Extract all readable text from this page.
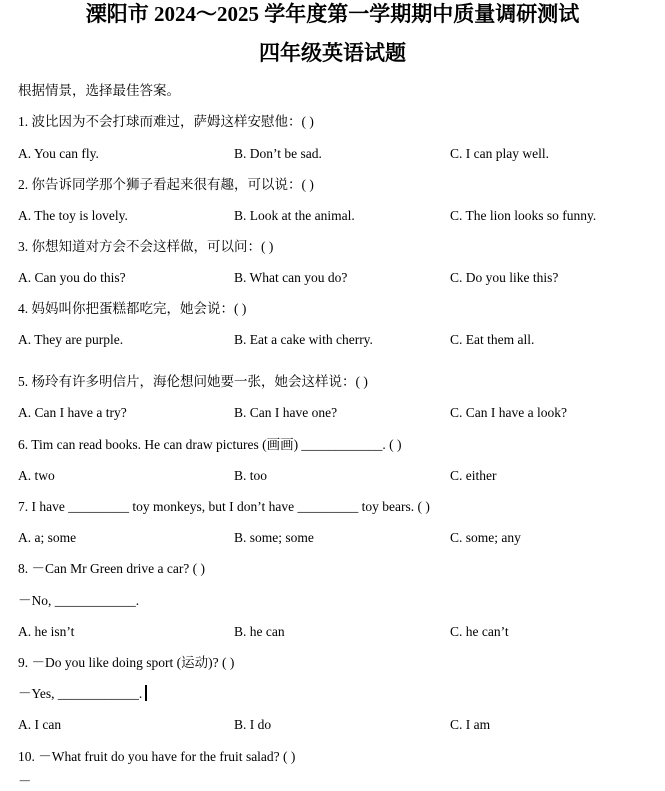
溧阳市 2024～2025 学年度第一学期期中质量调研测试
四年级英语试题
根据情景，选择最佳答案。
1. 波比因为不会打球而难过，萨姆这样安慰他：( )
A. You can fly.	B. Don’t be sad.	C. I can play well.
2. 你告诉同学那个狮子看起来很有趣，可以说：( )
A. The toy is lovely.	B. Look at the animal.	C. The lion looks so funny.
3. 你想知道对方会不会这样做，可以问：( )
A. Can you do this?	B. What can you do?	C. Do you like this?
4. 妈妈叫你把蛋糕都吃完，她会说：( )
A. They are purple.	B. Eat a cake with cherry.	C. Eat them all.
5. 杨玲有许多明信片，海伦想问她要一张，她会这样说：( )
A. Can I have a try?	B. Can I have one?	C. Can I have a look?
6. Tim can read books. He can draw pictures (画画) ____________. ( )
A. two	B. too	C. either
7. I have _________ toy monkeys, but I don’t have _________ toy bears. ( )
A. a; some	B. some; some	C. some; any
8. －Can Mr Green drive a car? ( )
－No, ____________.
A. he isn’t	B. he can	C. he can’t
9. －Do you like doing sport (运动)? ( )
－Yes, ____________.
A. I can	B. I do	C. I am
10. －What fruit do you have for the fruit salad? ( )
－
